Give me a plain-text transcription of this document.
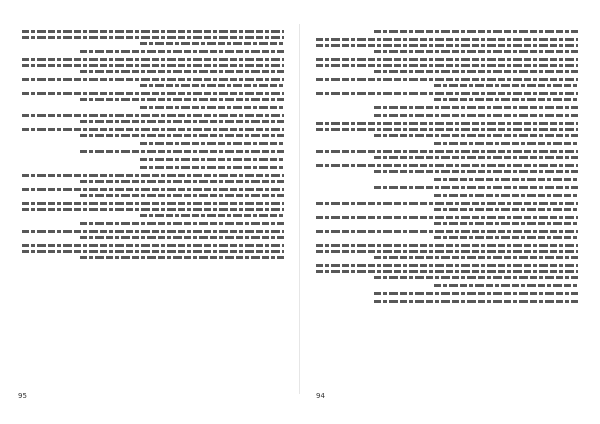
95	94
